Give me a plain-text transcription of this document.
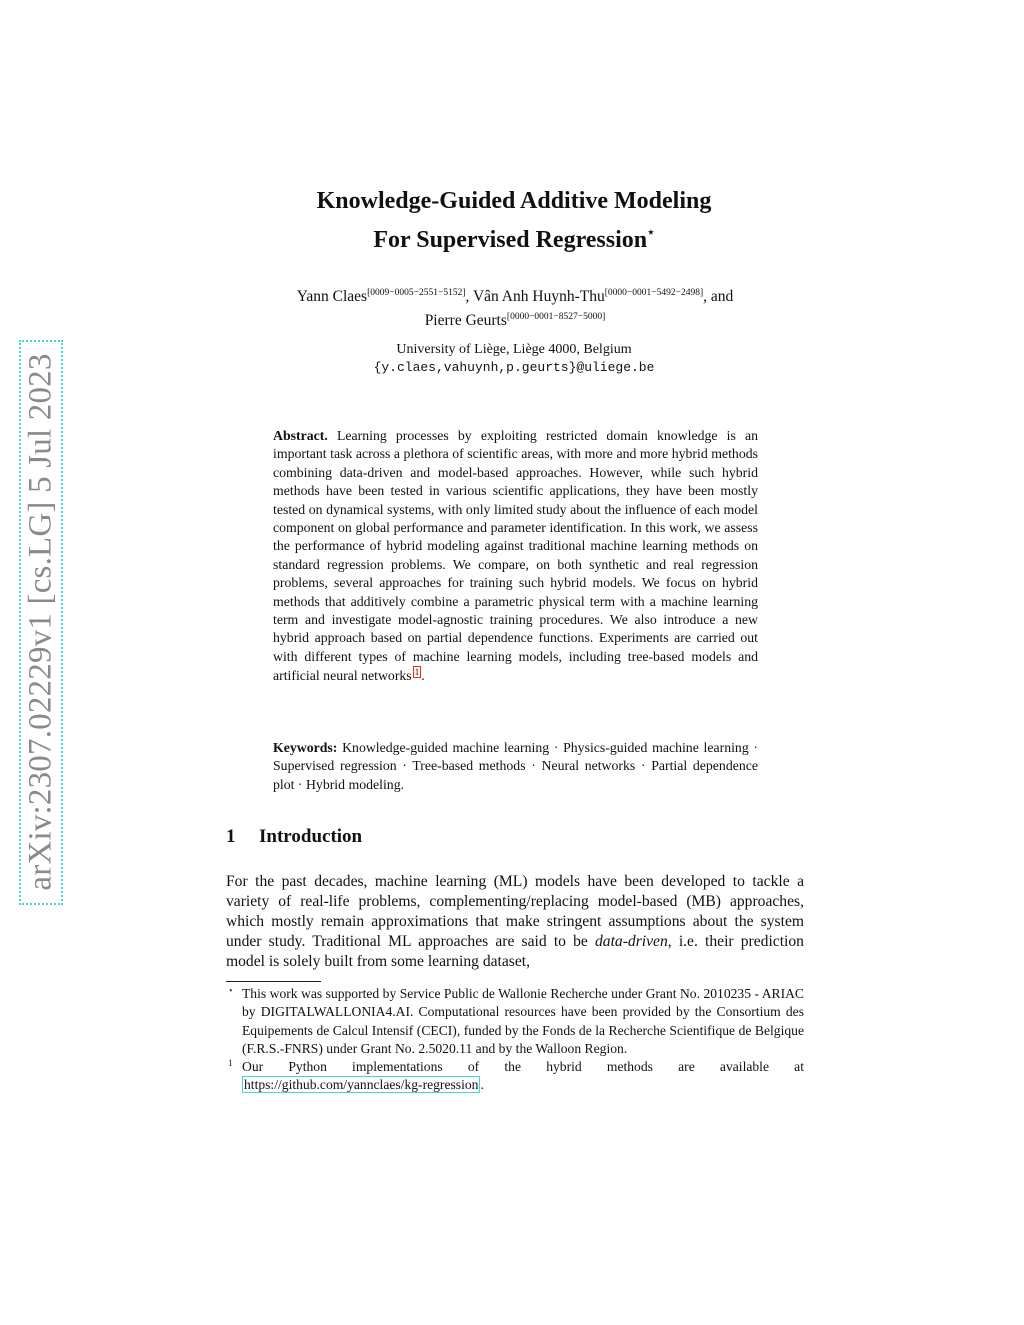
arXiv:2307.02229v1 [cs.LG] 5 Jul 2023
Knowledge-Guided Additive Modeling
For Supervised Regression⋆
Yann Claes[0009−0005−2551−5152], Vân Anh Huynh-Thu[0000−0001−5492−2498], and
Pierre Geurts[0000−0001−8527−5000]
University of Liège, Liège 4000, Belgium
{y.claes,vahuynh,p.geurts}@uliege.be
Abstract. Learning processes by exploiting restricted domain knowledge is an important task across a plethora of scientific areas, with more and more hybrid methods combining data-driven and model-based approaches. However, while such hybrid methods have been tested in various scientific applications, they have been mostly tested on dynamical systems, with only limited study about the influence of each model component on global performance and parameter identification. In this work, we assess the performance of hybrid modeling against traditional machine learning methods on standard regression problems. We compare, on both synthetic and real regression problems, several approaches for training such hybrid models. We focus on hybrid methods that additively combine a parametric physical term with a machine learning term and investigate model-agnostic training procedures. We also introduce a new hybrid approach based on partial dependence functions. Experiments are carried out with different types of machine learning models, including tree-based models and artificial neural networks 1 .
Keywords: Knowledge-guided machine learning · Physics-guided machine learning · Supervised regression · Tree-based methods · Neural networks · Partial dependence plot · Hybrid modeling.
1 Introduction
For the past decades, machine learning (ML) models have been developed to tackle a variety of real-life problems, complementing/replacing model-based (MB) approaches, which mostly remain approximations that make stringent assumptions about the system under study. Traditional ML approaches are said to be data-driven, i.e. their prediction model is solely built from some learning dataset,
⋆ This work was supported by Service Public de Wallonie Recherche under Grant No. 2010235 - ARIAC by DIGITALWALLONIA4.AI. Computational resources have been provided by the Consortium des Equipements de Calcul Intensif (CECI), funded by the Fonds de la Recherche Scientifique de Belgique (F.R.S.-FNRS) under Grant No. 2.5020.11 and by the Walloon Region.
1 Our Python implementations of the hybrid methods are available at https://github.com/yannclaes/kg-regression .
